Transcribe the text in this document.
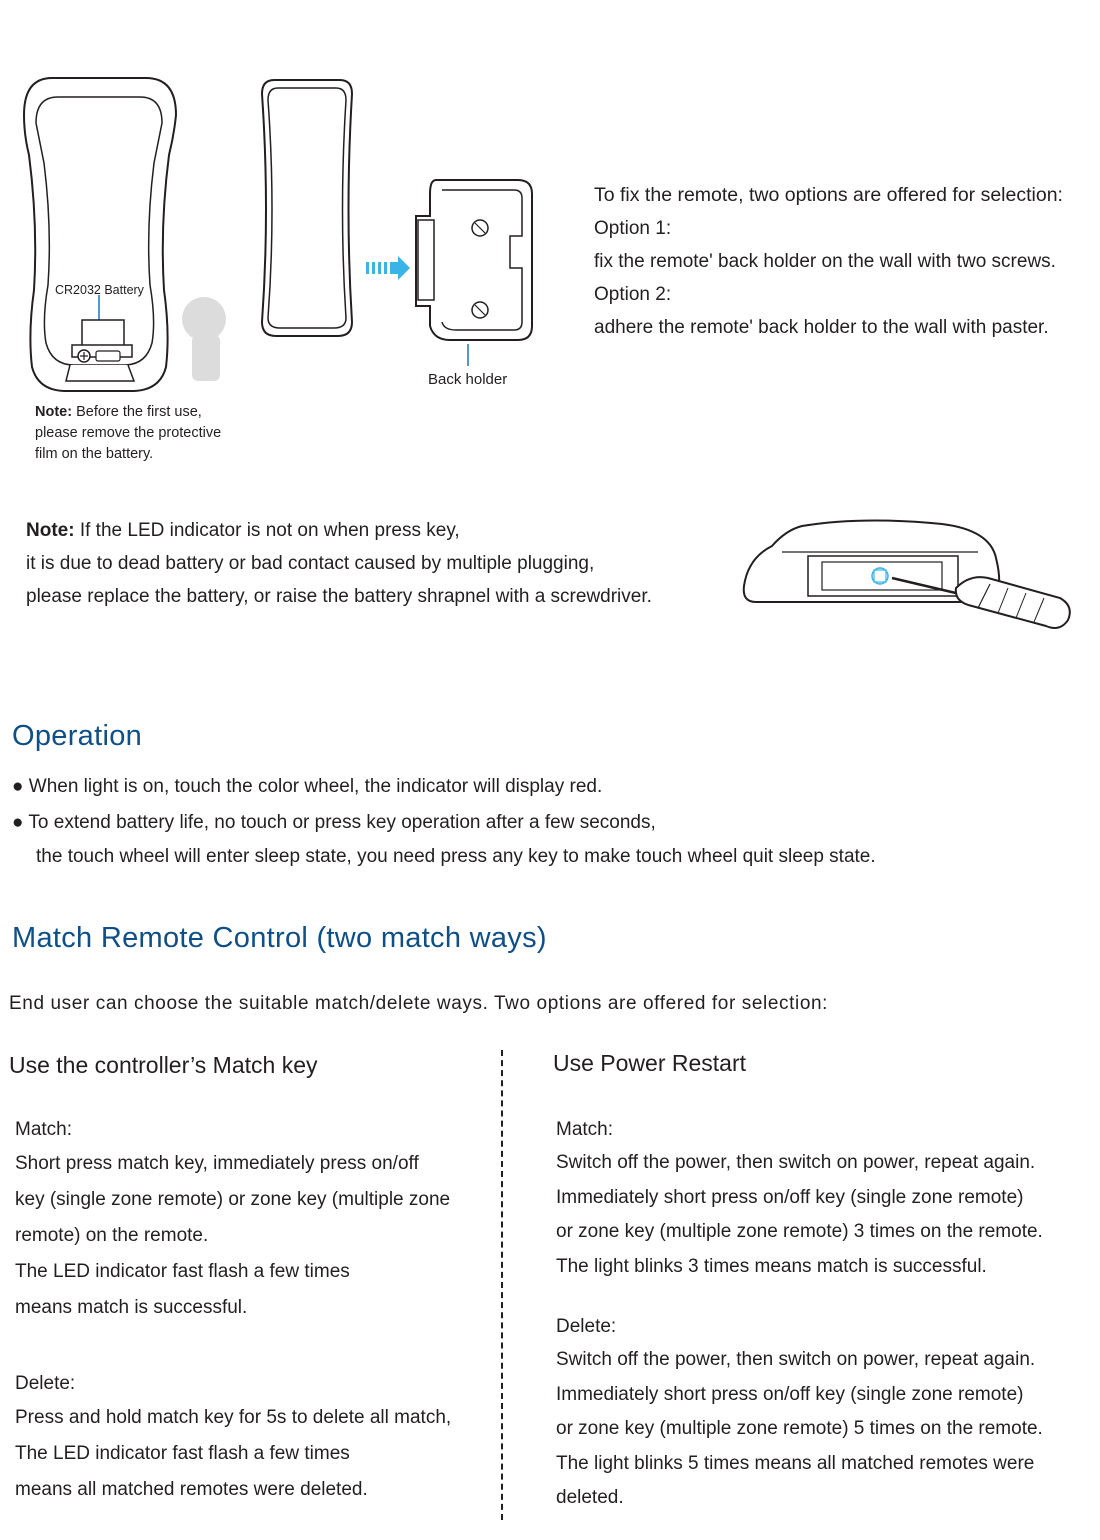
CR2032 Battery
Back holder
Note: Before the first use,
please remove the protective
film on the battery.
To fix the remote, two options are offered for selection:
Option 1:
fix the remote' back holder on the wall with two screws.
Option 2:
adhere the remote' back holder to the wall with paster.
Note: If the LED indicator is not on when press key,
it is due to dead battery or bad contact caused by multiple plugging,
please replace the battery, or raise the battery shrapnel with a screwdriver.
Operation
● When light is on, touch the color wheel, the indicator will display red.
● To extend battery life, no touch or press key operation after a few seconds,
the touch wheel will enter sleep state, you need press any key to make touch wheel quit sleep state.
Match Remote Control (two match ways)
End user can choose the suitable match/delete ways. Two options are offered for selection:
Use the controller’s Match key
Match:
Short press match key, immediately press on/off
key (single zone remote) or zone key (multiple zone
remote) on the remote.
The LED indicator fast flash a few times
means match is successful.
Delete:
Press and hold match key for 5s to delete all match,
The LED indicator fast flash a few times
means all matched remotes were deleted.
Use Power Restart
Match:
Switch off the power, then switch on power, repeat again.
Immediately short press on/off key (single zone remote)
or zone key (multiple zone remote) 3 times on the remote.
The light blinks 3 times means match is successful.
Delete:
Switch off the power, then switch on power, repeat again.
Immediately short press on/off key (single zone remote)
or zone key (multiple zone remote) 5 times on the remote.
The light blinks 5 times means all matched remotes were
deleted.
